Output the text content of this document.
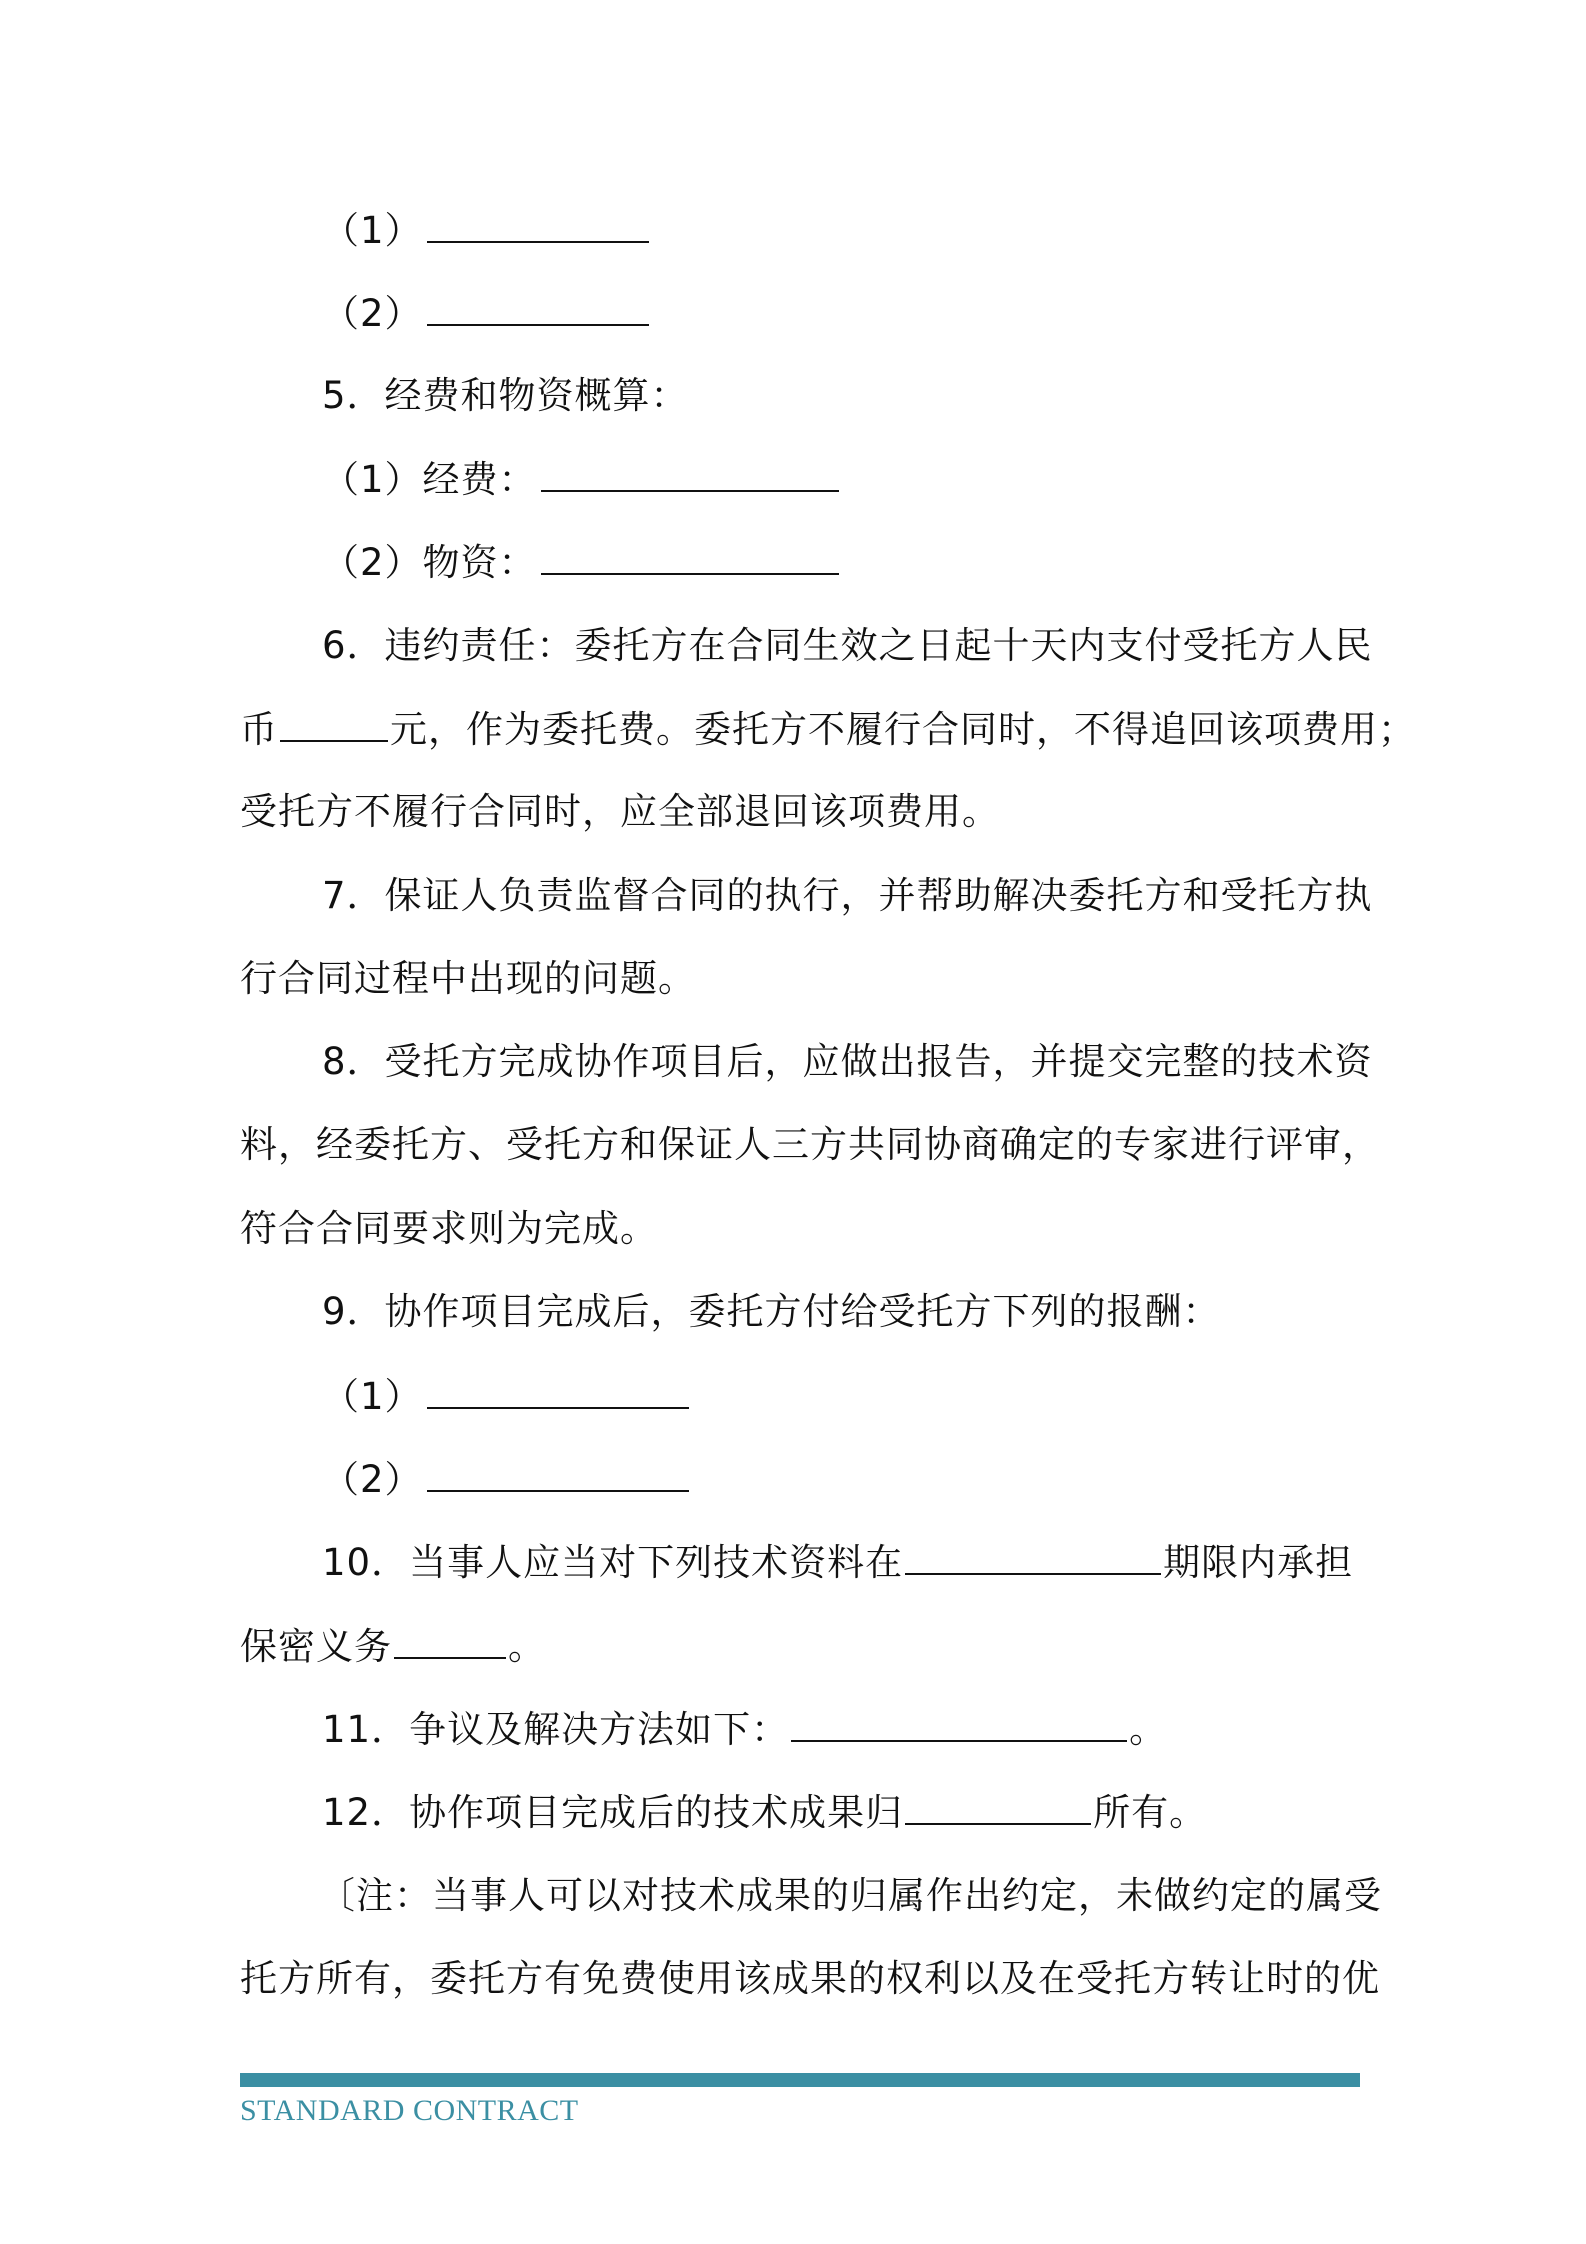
（1）
（2）
5．经费和物资概算：
（1）经费：
（2）物资：
6．违约责任：委托方在合同生效之日起十天内支付受托方人民
币	元，作为委托费。委托方不履行合同时，不得追回该项费用；
受托方不履行合同时，应全部退回该项费用。
7．保证人负责监督合同的执行，并帮助解决委托方和受托方执
行合同过程中出现的问题。
8．受托方完成协作项目后，应做出报告，并提交完整的技术资
料，经委托方、受托方和保证人三方共同协商确定的专家进行评审，
符合合同要求则为完成。
9．协作项目完成后，委托方付给受托方下列的报酬：
（1）
（2）
10．当事人应当对下列技术资料在	期限内承担
保密义务	。
11．争议及解决方法如下：	。
12．协作项目完成后的技术成果归	所有。
〔注：当事人可以对技术成果的归属作出约定，未做约定的属受
托方所有，委托方有免费使用该成果的权利以及在受托方转让时的优
STANDARD CONTRACT
